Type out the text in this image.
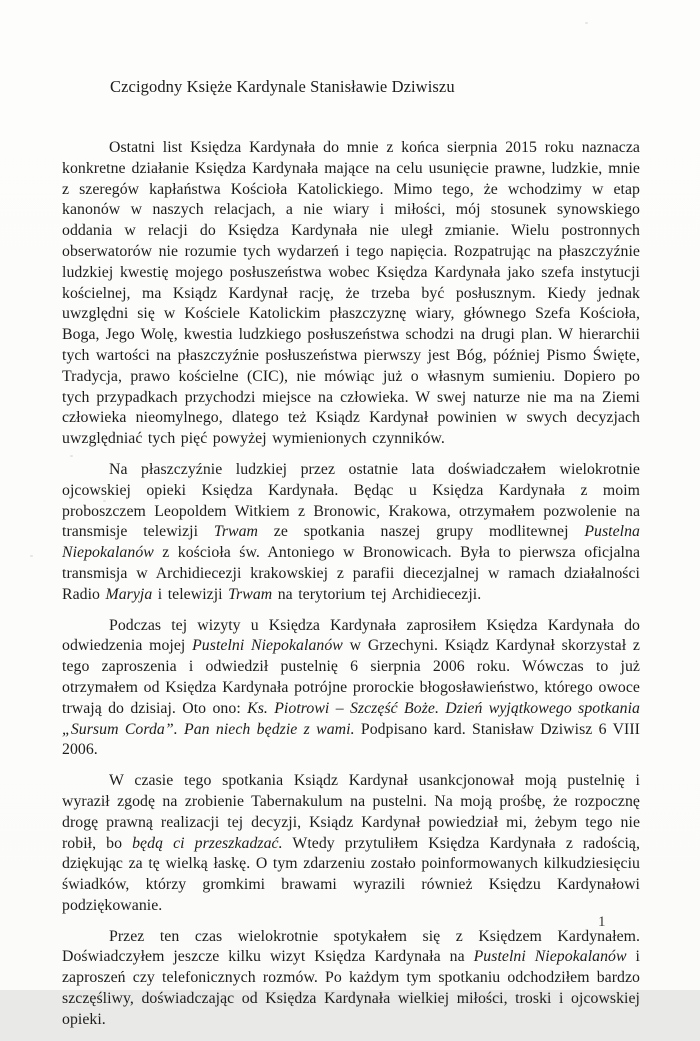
Czcigodny Księże Kardynale Stanisławie Dziwiszu

Ostatni list Księdza Kardynała do mnie z końca sierpnia 2015 roku naznacza konkretne działanie Księdza Kardynała mające na celu usunięcie prawne, ludzkie, mnie z szeregów kapłaństwa Kościoła Katolickiego. Mimo tego, że wchodzimy w etap kanonów w naszych relacjach, a nie wiary i miłości, mój stosunek synowskiego oddania w relacji do Księdza Kardynała nie uległ zmianie. Wielu postronnych obserwatorów nie rozumie tych wydarzeń i tego napięcia. Rozpatrując na płaszczyźnie ludzkiej kwestię mojego posłuszeństwa wobec Księdza Kardynała jako szefa instytucji kościelnej, ma Ksiądz Kardynał rację, że trzeba być posłusznym. Kiedy jednak uwzględni się w Kościele Katolickim płaszczyznę wiary, głównego Szefa Kościoła, Boga, Jego Wolę, kwestia ludzkiego posłuszeństwa schodzi na drugi plan. W hierarchii tych wartości na płaszczyźnie posłuszeństwa pierwszy jest Bóg, później Pismo Święte, Tradycja, prawo kościelne (CIC), nie mówiąc już o własnym sumieniu. Dopiero po tych przypadkach przychodzi miejsce na człowieka. W swej naturze nie ma na Ziemi człowieka nieomylnego, dlatego też Ksiądz Kardynał powinien w swych decyzjach uwzględniać tych pięć powyżej wymienionych czynników.

Na płaszczyźnie ludzkiej przez ostatnie lata doświadczałem wielokrotnie ojcowskiej opieki Księdza Kardynała. Będąc u Księdza Kardynała z moim proboszczem Leopoldem Witkiem z Bronowic, Krakowa, otrzymałem pozwolenie na transmisje telewizji Trwam ze spotkania naszej grupy modlitewnej Pustelna Niepokalanów z kościoła św. Antoniego w Bronowicach. Była to pierwsza oficjalna transmisja w Archidiecezji krakowskiej z parafii diecezjalnej w ramach działalności Radio Maryja i telewizji Trwam na terytorium tej Archidiecezji.

Podczas tej wizyty u Księdza Kardynała zaprosiłem Księdza Kardynała do odwiedzenia mojej Pustelni Niepokalanów w Grzechyni. Ksiądz Kardynał skorzystał z tego zaproszenia i odwiedził pustelnię 6 sierpnia 2006 roku. Wówczas to już otrzymałem od Księdza Kardynała potrójne prorockie błogosławieństwo, którego owoce trwają do dzisiaj. Oto ono: Ks. Piotrowi – Szczęść Boże. Dzień wyjątkowego spotkania „Sursum Corda”. Pan niech będzie z wami. Podpisano kard. Stanisław Dziwisz 6 VIII 2006.

W czasie tego spotkania Ksiądz Kardynał usankcjonował moją pustelnię i wyraził zgodę na zrobienie Tabernakulum na pustelni. Na moją prośbę, że rozpocznę drogę prawną realizacji tej decyzji, Ksiądz Kardynał powiedział mi, żebym tego nie robił, bo będą ci przeszkadzać. Wtedy przytuliłem Księdza Kardynała z radością, dziękując za tę wielką łaskę. O tym zdarzeniu zostało poinformowanych kilkudziesięciu świadków, którzy gromkimi brawami wyrazili również Księdzu Kardynałowi podziękowanie.

Przez ten czas wielokrotnie spotykałem się z Księdzem Kardynałem. Doświadczyłem jeszcze kilku wizyt Księdza Kardynała na Pustelni Niepokalanów i zaproszeń czy telefonicznych rozmów. Po każdym tym spotkaniu odchodziłem bardzo szczęśliwy, doświadczając od Księdza Kardynała wielkiej miłości, troski i ojcowskiej opieki.

1
